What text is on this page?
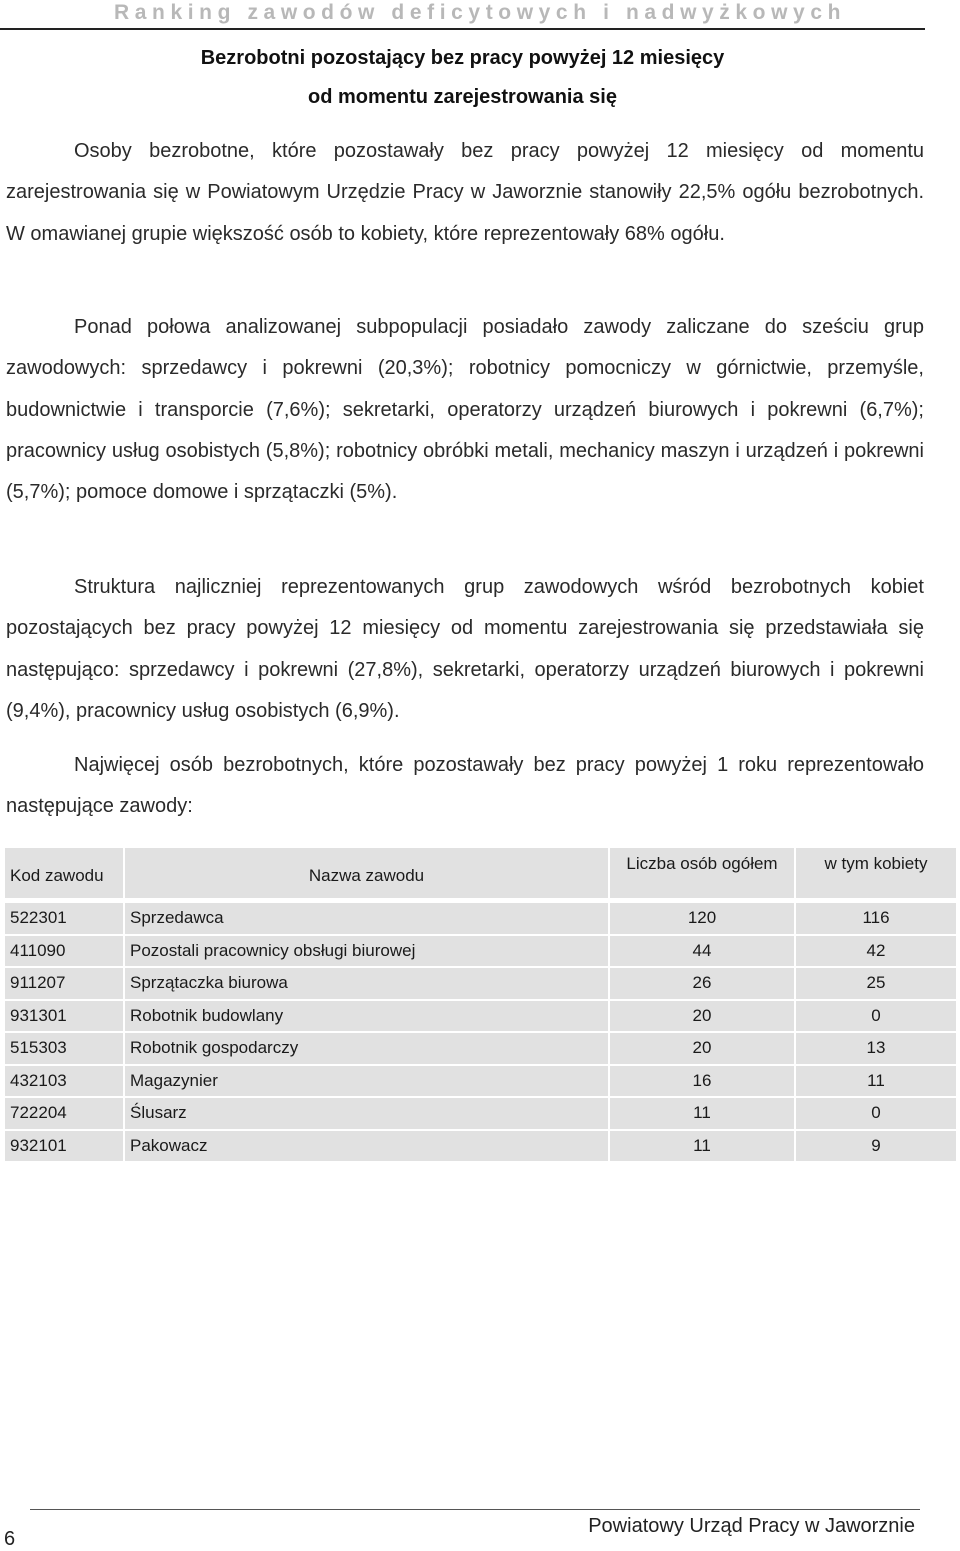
Ranking zawodów deficytowych i nadwyżkowych
Bezrobotni pozostający bez pracy powyżej 12 miesięcy
od momentu zarejestrowania się
Osoby bezrobotne, które pozostawały bez pracy powyżej 12 miesięcy od momentu zarejestrowania się w Powiatowym Urzędzie Pracy w Jaworznie stanowiły 22,5% ogółu bezrobotnych. W omawianej grupie większość osób to kobiety, które reprezentowały 68% ogółu.
Ponad połowa analizowanej subpopulacji posiadało zawody zaliczane do sześciu grup zawodowych: sprzedawcy i pokrewni (20,3%); robotnicy pomocniczy w górnictwie, przemyśle, budownictwie i transporcie (7,6%); sekretarki, operatorzy urządzeń biurowych i pokrewni (6,7%); pracownicy usług osobistych (5,8%); robotnicy obróbki metali, mechanicy maszyn i urządzeń i pokrewni (5,7%); pomoce domowe i sprzątaczki (5%).
Struktura najliczniej reprezentowanych grup zawodowych wśród bezrobotnych kobiet pozostających bez pracy powyżej 12 miesięcy od momentu zarejestrowania się przedstawiała się następująco: sprzedawcy i pokrewni (27,8%), sekretarki, operatorzy urządzeń biurowych i pokrewni (9,4%), pracownicy usług osobistych (6,9%).
Najwięcej osób bezrobotnych, które pozostawały bez pracy powyżej 1 roku reprezentowało następujące zawody:
Kod zawodu	Nazwa zawodu	Liczba osób ogółem	w tym kobiety

522301	Sprzedawca	120	116
411090	Pozostali pracownicy obsługi biurowej	44	42
911207	Sprzątaczka biurowa	26	25
931301	Robotnik budowlany	20	0
515303	Robotnik gospodarczy	20	13
432103	Magazynier	16	11
722204	Ślusarz	11	0
932101	Pakowacz	11	9
6
Powiatowy Urząd Pracy w Jaworznie
